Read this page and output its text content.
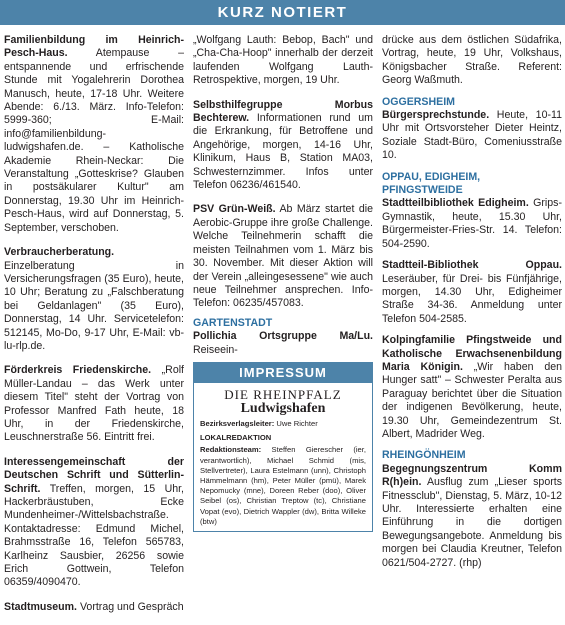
KURZ NOTIERT

Familienbildung im Heinrich-Pesch-Haus. Atempause – entspannende und erfrischende Stunde mit Yogalehrerin Dorothea Manusch, heute, 17-18 Uhr. Weitere Abende: 6./13. März. Info-Telefon: 5999-360; E-Mail: info@familienbildung-ludwigshafen.de. – Katholische Akademie Rhein-Neckar: Die Veranstaltung „Gotteskrise? Glauben in postsäkularer Kultur" am Donnerstag, 19.30 Uhr im Heinrich-Pesch-Haus, wird auf Donnerstag, 5. September, verschoben.

Verbraucherberatung. Einzelberatung in Versicherungsfragen (35 Euro), heute, 10 Uhr; Beratung zu „Falschberatung bei Geldanlagen" (35 Euro), Donnerstag, 14 Uhr. Servicetelefon: 512145, Mo-Do, 9-17 Uhr, E-Mail: vb-lu-rlp.de.

Förderkreis Friedenskirche. „Rolf Müller-Landau – das Werk unter diesem Titel" steht der Vortrag von Professor Manfred Fath heute, 18 Uhr, in der Friedenskirche, Leuschnerstraße 56. Eintritt frei.

Interessengemeinschaft der Deutschen Schrift und Sütterlin-Schrift. Treffen, morgen, 15 Uhr, Hackerbräustuben, Ecke Mundenheimer-/Wittelsbachstraße. Kontaktadresse: Edmund Michel, Brahmsstraße 16, Telefon 565783, Karlheinz Sausbier, 26256 sowie Erich Gottwein, Telefon 06359/4090470.

Stadtmuseum. Vortrag und Gespräch

„Wolfgang Lauth: Bebop, Bach" und „Cha-Cha-Hoop" innerhalb der derzeit laufenden Wolfgang Lauth-Retrospektive, morgen, 19 Uhr.

Selbsthilfegruppe Morbus Bechterew. Informationen rund um die Erkrankung, für Betroffene und Angehörige, morgen, 14-16 Uhr, Klinikum, Haus B, Station MA03, Schwesternzimmer. Infos unter Telefon 06236/461540.

PSV Grün-Weiß. Ab März startet die Aerobic-Gruppe ihre große Challenge. Welche Teilnehmerin schafft die meisten Teilnahmen vom 1. März bis 30. November. Mit dieser Aktion will der Verein „alleingesessene" wie auch neue Teilnehmer ansprechen. Info-Telefon: 06235/457083.

GARTENSTADT

Pollichia Ortsgruppe Ma/Lu. Reiseein-

IMPRESSUM
DIE RHEINPFALZ
Ludwigshafen
Bezirksverlagsleiter: Uwe Richter
LOKALREDAKTION
Redaktionsteam: Steffen Gierescher (ier, verantwortlich), Michael Schmid (mis, Stellvertreter), Laura Estelmann (unn), Christoph Hämmelmann (hm), Peter Müller (pmü), Marek Nepomucky (mne), Doreen Reber (doo), Oliver Seibel (os), Christian Treptow (tc), Christiane Vopat (evo), Dietrich Wappler (dw), Britta Willeke (btw)

drücke aus dem östlichen Südafrika, Vortrag, heute, 19 Uhr, Volkshaus, Königsbacher Straße. Referent: Georg Waßmuth.

OGGERSHEIM

Bürgersprechstunde. Heute, 10-11 Uhr mit Ortsvorsteher Dieter Heintz, Soziale Stadt-Büro, Comeniusstraße 10.

OPPAU, EDIGHEIM, PFINGSTWEIDE

Stadtteilbibliothek Edigheim. Grips-Gymnastik, heute, 15.30 Uhr, Bürgermeister-Fries-Str. 14. Telefon: 504-2590.

Stadtteil-Bibliothek Oppau. Leseräuber, für Drei- bis Fünfjährige, morgen, 14.30 Uhr, Edigheimer Straße 34-36. Anmeldung unter Telefon 504-2585.

Kolpingfamilie Pfingstweide und Katholische Erwachsenenbildung Maria Königin. „Wir haben den Hunger satt" – Schwester Peralta aus Paraguay berichtet über die Situation der indigenen Bevölkerung, heute, 19.30 Uhr, Gemeindezentrum St. Albert, Madrider Weg.

RHEINGÖNHEIM

Begegnungszentrum Komm R(h)ein. Ausflug zum „Lieser sports Fitnessclub", Dienstag, 5. März, 10-12 Uhr. Interessierte erhalten eine Einführung in die dortigen Bewegungsangebote. Anmeldung bis morgen bei Claudia Kreutner, Telefon 0621/504-2727. (rhp)
